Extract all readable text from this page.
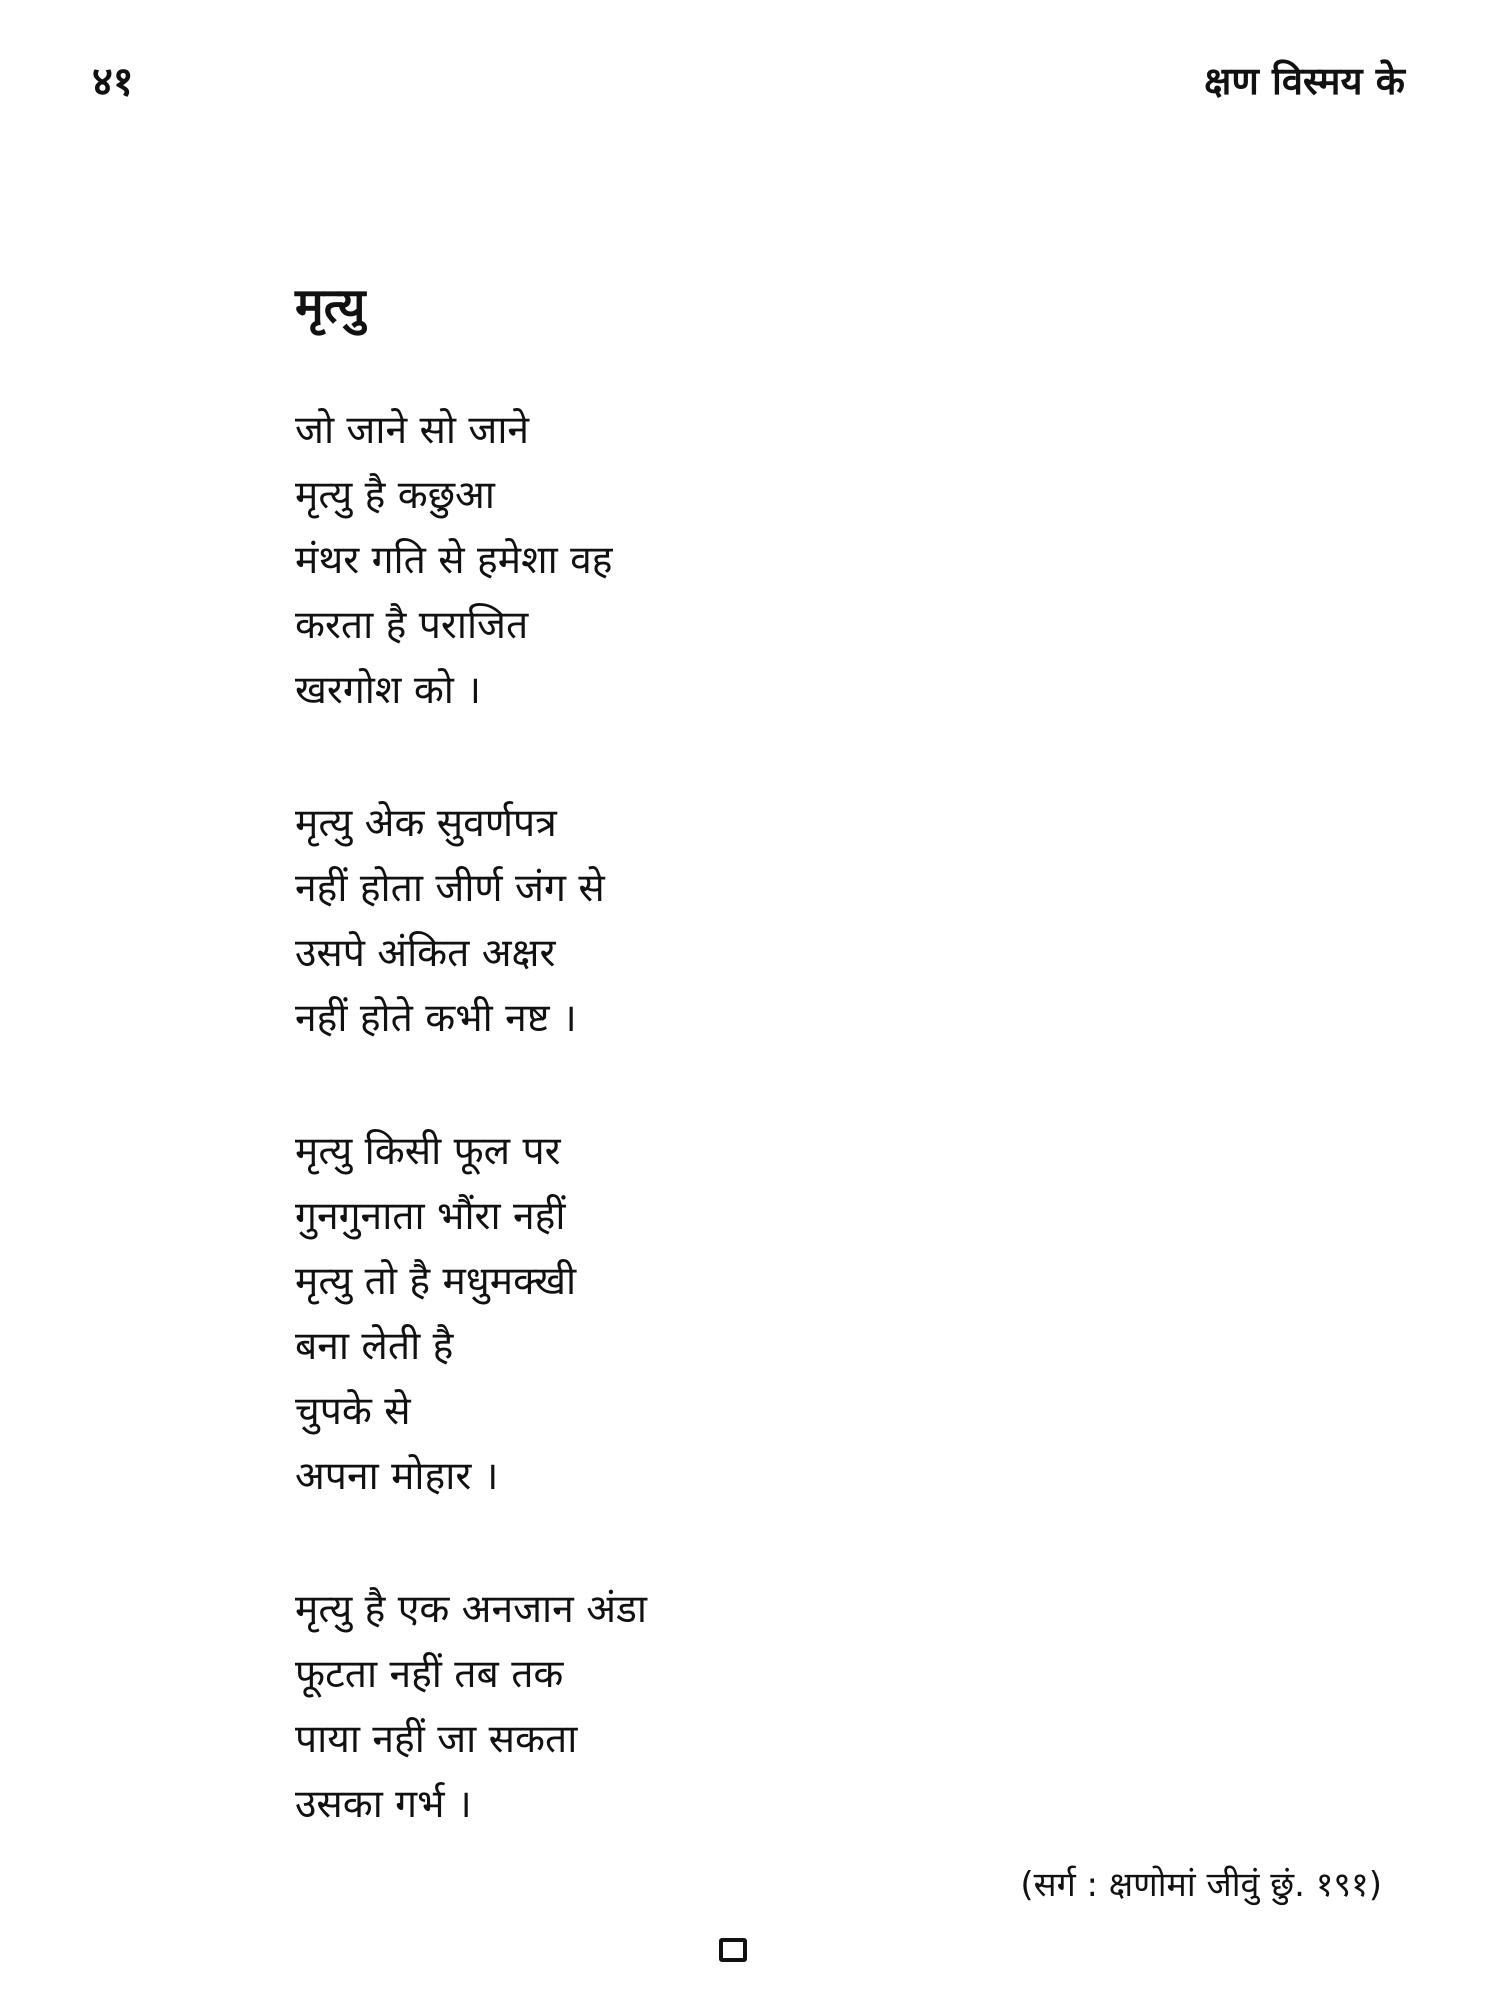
४१	क्षण विस्मय के
मृत्यु
जो जाने सो जाने
मृत्यु है कछुआ
मंथर गति से हमेशा वह
करता है पराजित
खरगोश को ।
मृत्यु अेक सुवर्णपत्र
नहीं होता जीर्ण जंग से
उसपे अंकित अक्षर
नहीं होते कभी नष्ट ।
मृत्यु किसी फूल पर
गुनगुनाता भौंरा नहीं
मृत्यु तो है मधुमक्खी
बना लेती है
चुपके से
अपना मोहार ।
मृत्यु है एक अनजान अंडा
फूटता नहीं तब तक
पाया नहीं जा सकता
उसका गर्भ ।
(सर्ग : क्षणोमां जीवुं छुं. १९१)
